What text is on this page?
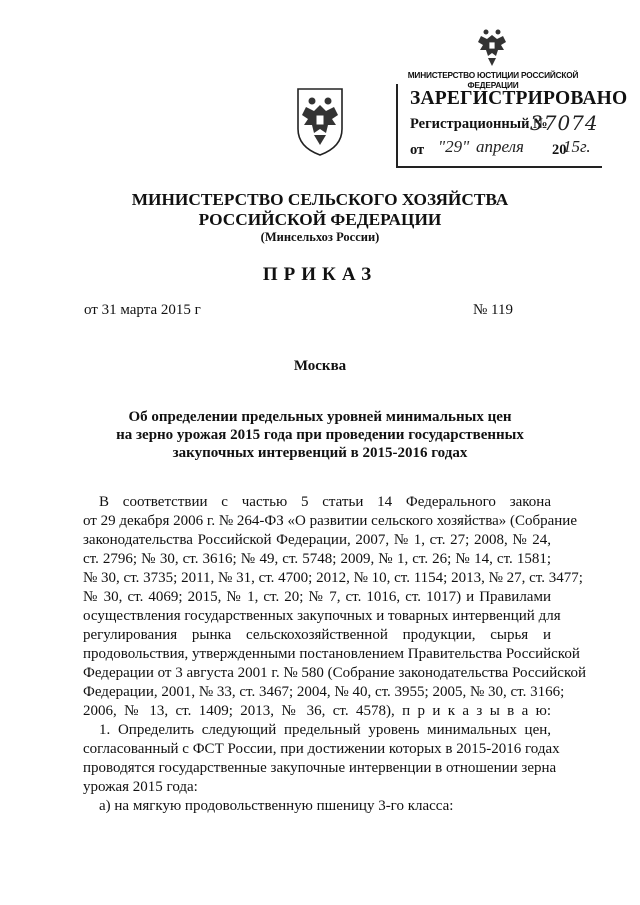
МИНИСТЕРСТВО ЮСТИЦИИ РОССИЙСКОЙ ФЕДЕРАЦИИ
ЗАРЕГИСТРИРОВАНО
Регистрационный №
37074
от "29" апреля 20
15г.
МИНИСТЕРСТВО СЕЛЬСКОГО ХОЗЯЙСТВА
РОССИЙСКОЙ ФЕДЕРАЦИИ
(Минсельхоз России)
ПРИКАЗ
от 31 марта 2015 г	№ 119
Москва
Об определении предельных уровней минимальных цен
на зерно урожая 2015 года при проведении государственных
закупочных интервенций в 2015-2016 годах
В соответствии с частью 5 статьи 14 Федерального закона
от 29 декабря 2006 г. № 264-ФЗ «О развитии сельского хозяйства» (Собрание
законодательства Российской Федерации, 2007, № 1, ст. 27; 2008, № 24,
ст. 2796; № 30, ст. 3616; № 49, ст. 5748; 2009, № 1, ст. 26; № 14, ст. 1581;
№ 30, ст. 3735; 2011, № 31, ст. 4700; 2012, № 10, ст. 1154; 2013, № 27, ст. 3477;
№ 30, ст. 4069; 2015, № 1, ст. 20; № 7, ст. 1016, ст. 1017) и Правилами
осуществления государственных закупочных и товарных интервенций для
регулирования рынка сельскохозяйственной продукции, сырья и
продовольствия, утвержденными постановлением Правительства Российской
Федерации от 3 августа 2001 г. № 580 (Собрание законодательства Российской
Федерации, 2001, № 33, ст. 3467; 2004, № 40, ст. 3955; 2005, № 30, ст. 3166;
2006, № 13, ст. 1409; 2013, № 36, ст. 4578), п р и к а з ы в а ю:
1. Определить следующий предельный уровень минимальных цен,
согласованный с ФСТ России, при достижении которых в 2015-2016 годах
проводятся государственные закупочные интервенции в отношении зерна
урожая 2015 года:
а) на мягкую продовольственную пшеницу 3-го класса:
